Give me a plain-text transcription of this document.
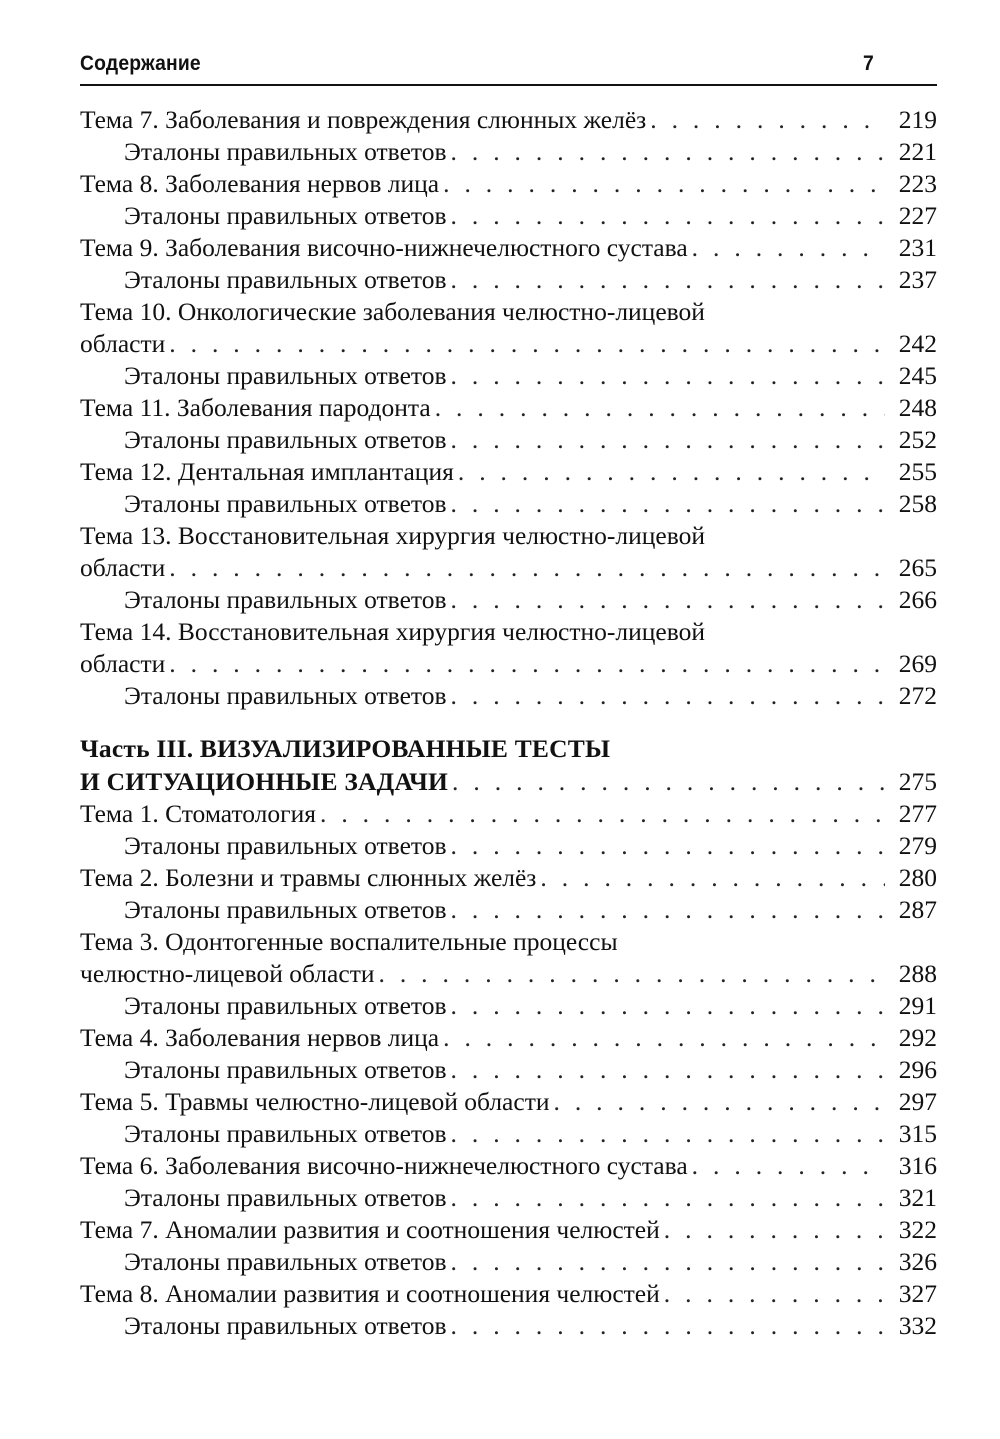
Содержание	7
Тема 7. Заболевания и повреждения слюнных желёз . . .	219
Эталоны правильных ответов . . .	221
Тема 8. Заболевания нервов лица . . .	223
Эталоны правильных ответов . . .	227
Тема 9. Заболевания височно-нижнечелюстного сустава . . .	231
Эталоны правильных ответов . . .	237
Тема 10. Онкологические заболевания челюстно-лицевой
области . . .	242
Эталоны правильных ответов . . .	245
Тема 11. Заболевания пародонта . . .	248
Эталоны правильных ответов . . .	252
Тема 12. Дентальная имплантация . . .	255
Эталоны правильных ответов . . .	258
Тема 13. Восстановительная хирургия челюстно-лицевой
области . . .	265
Эталоны правильных ответов . . .	266
Тема 14. Восстановительная хирургия челюстно-лицевой
области . . .	269
Эталоны правильных ответов . . .	272
Часть III. ВИЗУАЛИЗИРОВАННЫЕ ТЕСТЫ
И СИТУАЦИОННЫЕ ЗАДАЧИ . . .	275
Тема 1. Стоматология . . .	277
Эталоны правильных ответов . . .	279
Тема 2. Болезни и травмы слюнных желёз . . .	280
Эталоны правильных ответов . . .	287
Тема 3. Одонтогенные воспалительные процессы
челюстно-лицевой области . . .	288
Эталоны правильных ответов . . .	291
Тема 4. Заболевания нервов лица . . .	292
Эталоны правильных ответов . . .	296
Тема 5. Травмы челюстно-лицевой области . . .	297
Эталоны правильных ответов . . .	315
Тема 6. Заболевания височно-нижнечелюстного сустава . . .	316
Эталоны правильных ответов . . .	321
Тема 7. Аномалии развития и соотношения челюстей . . .	322
Эталоны правильных ответов . . .	326
Тема 8. Аномалии развития и соотношения челюстей . . .	327
Эталоны правильных ответов . . .	332
